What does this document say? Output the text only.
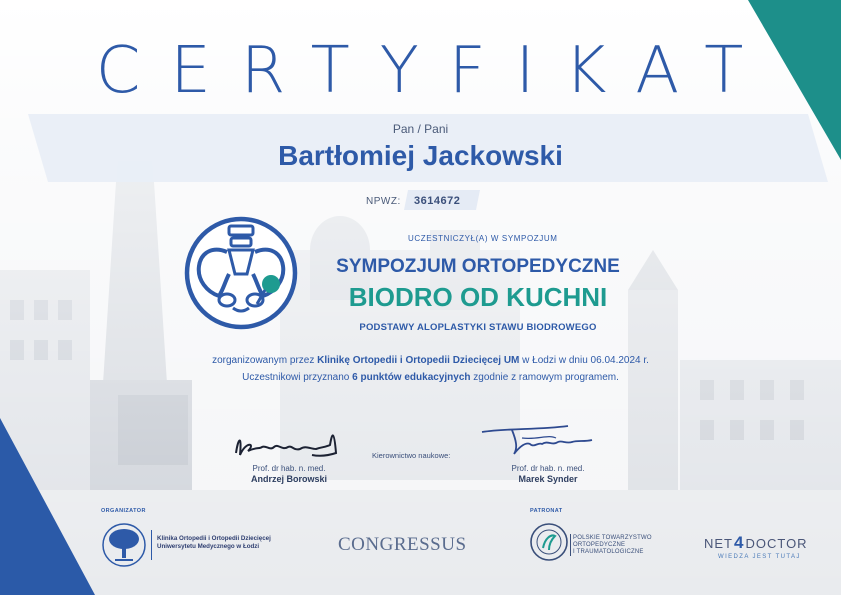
CERTYFIKAT
Pan / Pani
Bartłomiej Jackowski
NPWZ: 3614672
UCZESTNICZYŁ(A) W SYMPOZJUM
SYMPOZJUM ORTOPEDYCZNE
BIODRO OD KUCHNI
PODSTAWY ALOPLASTYKI STAWU BIODROWEGO
zorganizowanym przez Klinikę Ortopedii i Ortopedii Dziecięcej UM w Łodzi w dniu 06.04.2024 r.
Uczestnikowi przyznano 6 punktów edukacyjnych zgodnie z ramowym programem.
Prof. dr hab. n. med.
Andrzej Borowski
Kierownictwo naukowe:
Prof. dr hab. n. med.
Marek Synder
ORGANIZATOR
Klinika Ortopedii i Ortopedii Dziecięcej
Uniwersytetu Medycznego w Łodzi	CONGRESSUS
PATRONAT
POLSKIE TOWARZYSTWO
ORTOPEDYCZNE
I TRAUMATOLOGICZNE
NET4DOCTOR
WIEDZA JEST TUTAJ
